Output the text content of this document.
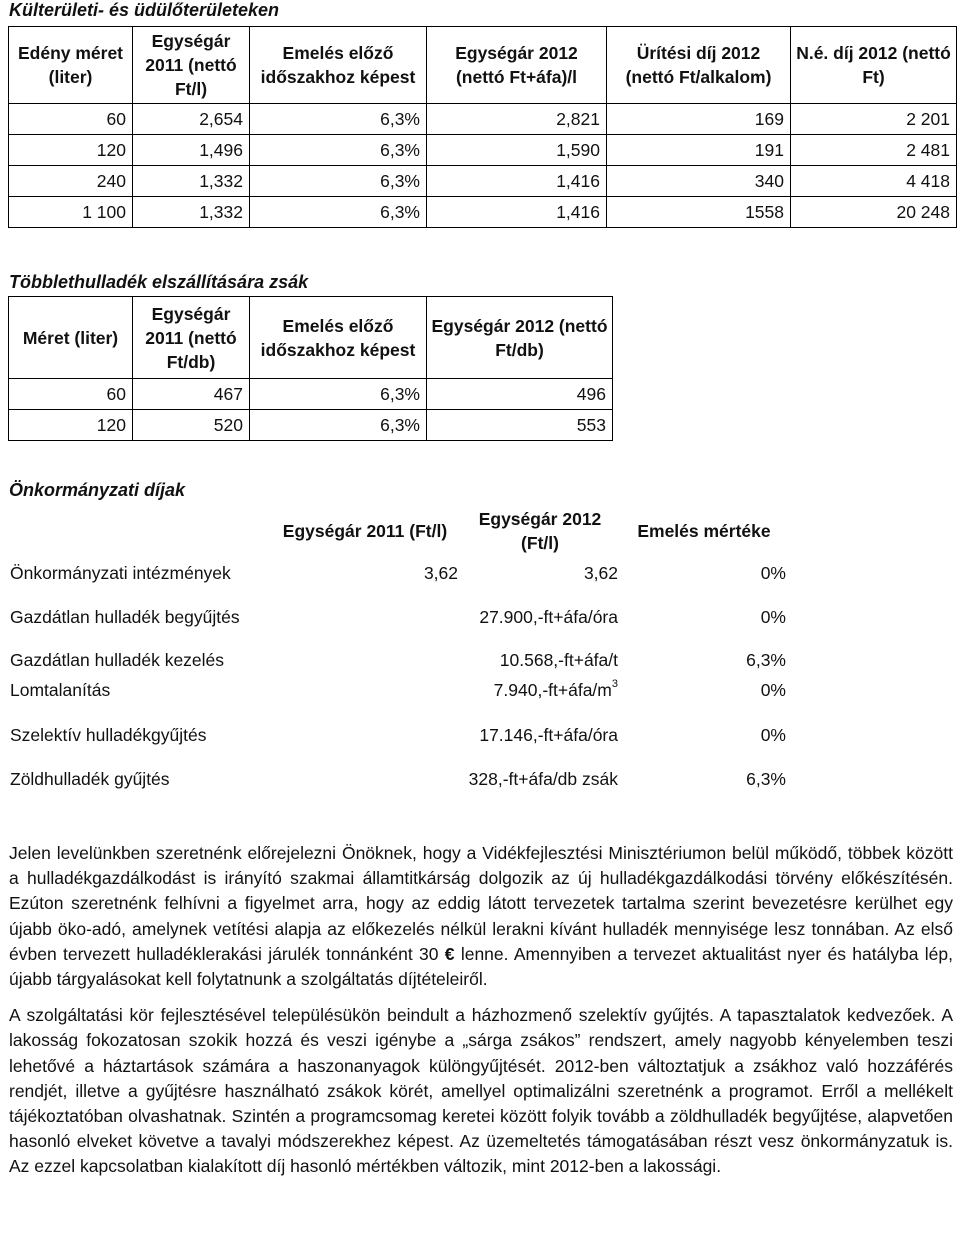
Külterületi- és üdülőterületeken
Edény méret (liter)	Egységár 2011 (nettó Ft/l)	Emelés előző időszakhoz képest	Egységár 2012 (nettó Ft+áfa)/l	Ürítési díj 2012 (nettó Ft/alkalom)	N.é. díj 2012 (nettó Ft)
60	2,654	6,3%	2,821	169	2 201
120	1,496	6,3%	1,590	191	2 481
240	1,332	6,3%	1,416	340	4 418
1 100	1,332	6,3%	1,416	1558	20 248
Többlethulladék elszállítására zsák
Méret (liter)	Egységár 2011 (nettó Ft/db)	Emelés előző időszakhoz képest	Egységár 2012 (nettó Ft/db)
60	467	6,3%	496
120	520	6,3%	553
Önkormányzati díjak
	Egységár 2011 (Ft/l)	Egységár 2012 (Ft/l)	Emelés mértéke
Önkormányzati intézmények	3,62	3,62	0%

Gazdátlan hulladék begyűjtés		27.900,-ft+áfa/óra	0%

Gazdátlan hulladék kezelés		10.568,-ft+áfa/t	6,3%
Lomtalanítás		$7.940,-ft+áfa/m^3$	0%

Szelektív hulladékgyűjtés		17.146,-ft+áfa/óra	0%

Zöldhulladék gyűjtés		328,-ft+áfa/db zsák	6,3%

Jelen levelünkben szeretnénk előrejelezni Önöknek, hogy a Vidékfejlesztési Minisztériumon belül működő, többek között a hulladékgazdálkodást is irányító szakmai államtitkárság dolgozik az új hulladékgazdálkodási törvény előkészítésén. Ezúton szeretnénk felhívni a figyelmet arra, hogy az eddig látott tervezetek tartalma szerint bevezetésre kerülhet egy újabb öko-adó, amelynek vetítési alapja az előkezelés nélkül lerakni kívánt hulladék mennyisége lesz tonnában. Az első évben tervezett hulladéklerakási járulék tonnánként 30 € lenne. Amennyiben a tervezet aktualitást nyer és hatályba lép, újabb tárgyalásokat kell folytatnunk a szolgáltatás díjtételeiről.

A szolgáltatási kör fejlesztésével településükön beindult a házhozmenő szelektív gyűjtés. A tapasztalatok kedvezőek. A lakosság fokozatosan szokik hozzá és veszi igénybe a „sárga zsákos” rendszert, amely nagyobb kényelemben teszi lehetővé a háztartások számára a haszonanyagok különgyűjtését. 2012-ben változtatjuk a zsákhoz való hozzáférés rendjét, illetve a gyűjtésre használható zsákok körét, amellyel optimalizálni szeretnénk a programot. Erről a mellékelt tájékoztatóban olvashatnak. Szintén a programcsomag keretei között folyik tovább a zöldhulladék begyűjtése, alapvetően hasonló elveket követve a tavalyi módszerekhez képest. Az üzemeltetés támogatásában részt vesz önkormányzatuk is. Az ezzel kapcsolatban kialakított díj hasonló mértékben változik, mint 2012-ben a lakossági.
